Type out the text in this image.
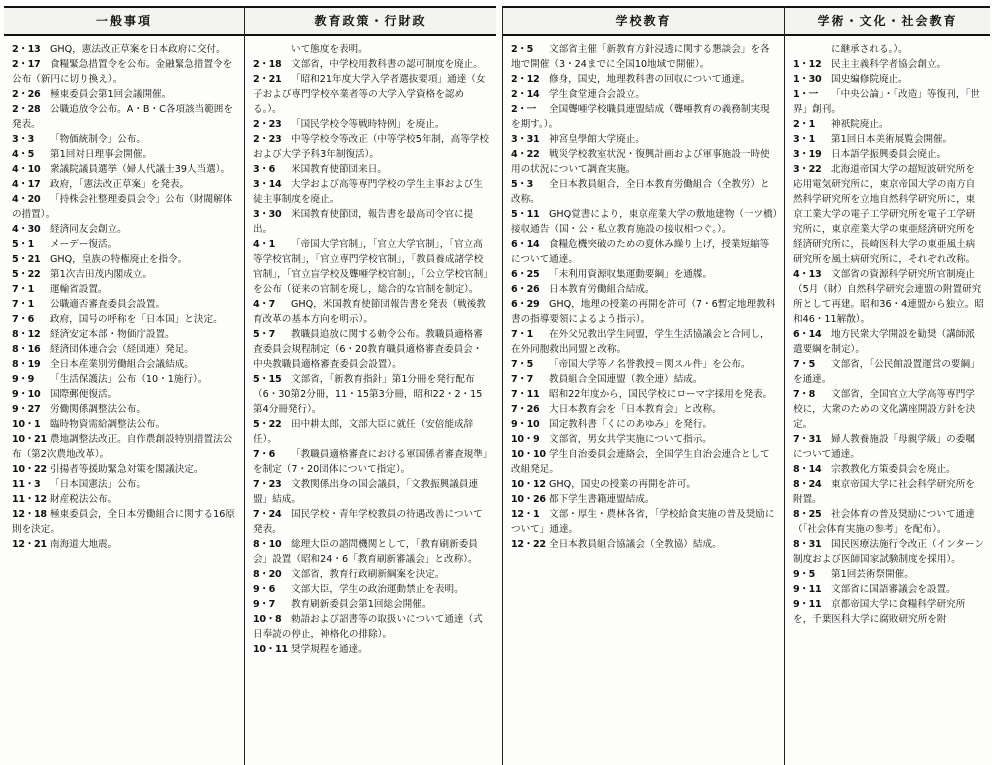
一般事項

2・13 GHQ，憲法改正草案を日本政府に交付。

2・17 食糧緊急措置令を公布。金融緊急措置令を公布（新円に切り換え）。

2・26 極東委員会第1回会議開催。

2・28 公職追放令公布。A・B・C各項該当範囲を発表。

3・3 「物価統制令」公布。

4・5 第1回対日理事会開催。

4・10 衆議院議員選挙（婦人代議士39人当選）。

4・17 政府，「憲法改正草案」を発表。

4・20 「持株会社整理委員会令」公布（財閥解体の措置）。

4・30 経済同友会創立。

5・1 メーデー復活。

5・21 GHQ，皇族の特権廃止を指令。

5・22 第1次吉田茂内閣成立。

7・1 運輸省設置。

7・1 公職適否審査委員会設置。

7・6 政府，国号の呼称を「日本国」と決定。

8・12 経済安定本部・物価庁設置。

8・16 経済団体連合会（経団連）発足。

8・19 全日本産業別労働組合会議結成。

9・9 「生活保護法」公布（10・1施行）。

9・10 国際郵便復活。

9・27 労働関係調整法公布。

10・1 臨時物資需給調整法公布。

10・21 農地調整法改正。自作農創設特別措置法公布（第2次農地改革）。

10・22 引揚者等援助緊急対策を閣議決定。

11・3 「日本国憲法」公布。

11・12 財産税法公布。

12・18 極東委員会，全日本労働組合に関する16原則を決定。

12・21 南海道大地震。

教育政策・行財政

いて態度を表明。

2・18 文部省，中学校用教科書の認可制度を廃止。

2・21 「昭和21年度大学入学者選抜要項」通達（女子および専門学校卒業者等の大学入学資格を認める。）。

2・23 「国民学校令等戦時特例」を廃止。

2・23 中等学校令等改正（中等学校5年制，高等学校および大学予科3年制復活）。

3・6 米国教育使節団来日。

3・14 大学および高等専門学校の学生主事および生徒主事制度を廃止。

3・30 米国教育使節団，報告書を最高司令官に提出。

4・1 「帝国大学官制」，「官立大学官制」，「官立高等学校官制」，「官立専門学校官制」，「教員養成諸学校官制」，「官立盲学校及聾唖学校官制」，「公立学校官制」を公布（従来の官制を廃し，総合的な官制を制定）。

4・7 GHQ，米国教育使節団報告書を発表（戦後教育改革の基本方向を明示）。

5・7 教職員追放に関する勅令公布。教職員適格審査委員会規程制定（6・20教育職員適格審査委員会・中央教職員適格審査委員会設置）。

5・15 文部省，「新教育指針」第1分冊を発行配布（6・30第2分冊，11・15第3分冊，昭和22・2・15第4分冊発行）。

5・22 田中耕太郎，文部大臣に就任（安倍能成辞任）。

7・6 「教職員適格審査における軍国係者審査規準」を制定（7・20団体について指定）。

7・23 文教関係出身の国会議員，「文教振興議員連盟」結成。

7・24 国民学校・青年学校教員の待遇改善について発表。

8・10 総理大臣の諮問機関として，「教育刷新委員会」設置（昭和24・6「教育刷新審議会」と改称）。

8・20 文部省，教育行政刷新綱案を決定。

9・6 文部大臣，学生の政治運動禁止を表明。

9・7 教育刷新委員会第1回総会開催。

10・8 勅語および詔書等の取扱いについて通達（式日奉読の停止，神格化の排除）。

10・11 奨学規程を通達。

学校教育

2・5 文部省主催「新教育方針浸透に関する懇談会」を各地で開催（3・24までに全国10地域で開催）。

2・12 修身，国史，地理教科書の回収について通達。

2・14 学生食堂連合会設立。

2・一 全国聾唖学校職員連盟結成（聾唖教育の義務制実現を期す。）。

3・31 神宮皇學館大学廃止。

4・22 戦災学校教室状況・復興計画および軍事施設一時使用の状況について調査実施。

5・3 全日本教員組合，全日本教育労働組合（全教労）と改称。

5・11 GHQ覚書により，東京産業大学の敷地建物（一ツ橋）接収通告（国・公・私立教育施設の接収相つぐ。）。

6・14 食糧危機突破のための夏休み繰り上げ，授業短縮等について通達。

6・25 「未利用資源収集運動要綱」を通牒。

6・26 日本教育労働組合結成。

6・29 GHQ，地理の授業の再開を許可（7・6暫定地理教科書の指導要領によるよう指示）。

7・1 在外父兄教出学生同盟，学生生活協議会と合同し，在外同胞救出同盟と改称。

7・5 「帝国大学等ノ名誉教授＝関スル件」を公布。

7・7 教員組合全国連盟（教全連）結成。

7・11 昭和22年度から，国民学校にローマ字採用を発表。

7・26 大日本教育会を「日本教育会」と改称。

9・10 国定教科書「くにのあゆみ」を発行。

10・9 文部省，男女共学実施について指示。

10・10 学生自治委員会連絡会，全国学生自治会連合として改組発足。

10・12 GHQ，国史の授業の再開を許可。

10・26 都下学生書籍連盟結成。

12・1 文部・厚生・農林各省，「学校給食実施の普及奨励について」通達。

12・22 全日本教員組合協議会（全教協）結成。

学術・文化・社会教育

に継承される。）。

1・12 民主主義科学者協会創立。

1・30 国史編修院廃止。

1・一 「中央公論」・「改造」等復刊，「世界」創刊。

2・1 神祇院廃止。

3・1 第1回日本美術展覧会開催。

3・19 日本語学振興委員会廃止。

3・22 北海道帝国大学の超短波研究所を応用電気研究所に，東京帝国大学の南方自然科学研究所を立地自然科学研究所に，東京工業大学の電子工学研究所を電子工学研究所に，東京産業大学の東亜経済研究所を経済研究所に，長崎医科大学の東亜風土病研究所を風土病研究所に，それぞれ改称。

4・13 文部省の資源科学研究所官制廃止（5月（財）自然科学研究会連盟の附置研究所として再建。昭和36・4連盟から独立。昭和46・11解散）。

6・14 地方民衆大学開設を勧奨（講師派遣要綱を制定）。

7・5 文部省，「公民館設置運営の要綱」を通達。

7・8 文部省，全国官立大学高等専門学校に，大衆のための文化講座開設方針を決定。

7・31 婦人教養施設「母親学級」の委嘱について通達。

8・14 宗教教化方策委員会を廃止。

8・24 東京帝国大学に社会科学研究所を附置。

8・25 社会体育の普及奨励について通達（「社会体育実施の参考」を配布）。

8・31 国民医療法施行令改正（インターン制度および医師国家試験制度を採用）。

9・5 第1回芸術祭開催。

9・11 文部省に国語審議会を設置。

9・11 京都帝国大学に食糧科学研究所を，千葉医科大学に腐敗研究所を附
